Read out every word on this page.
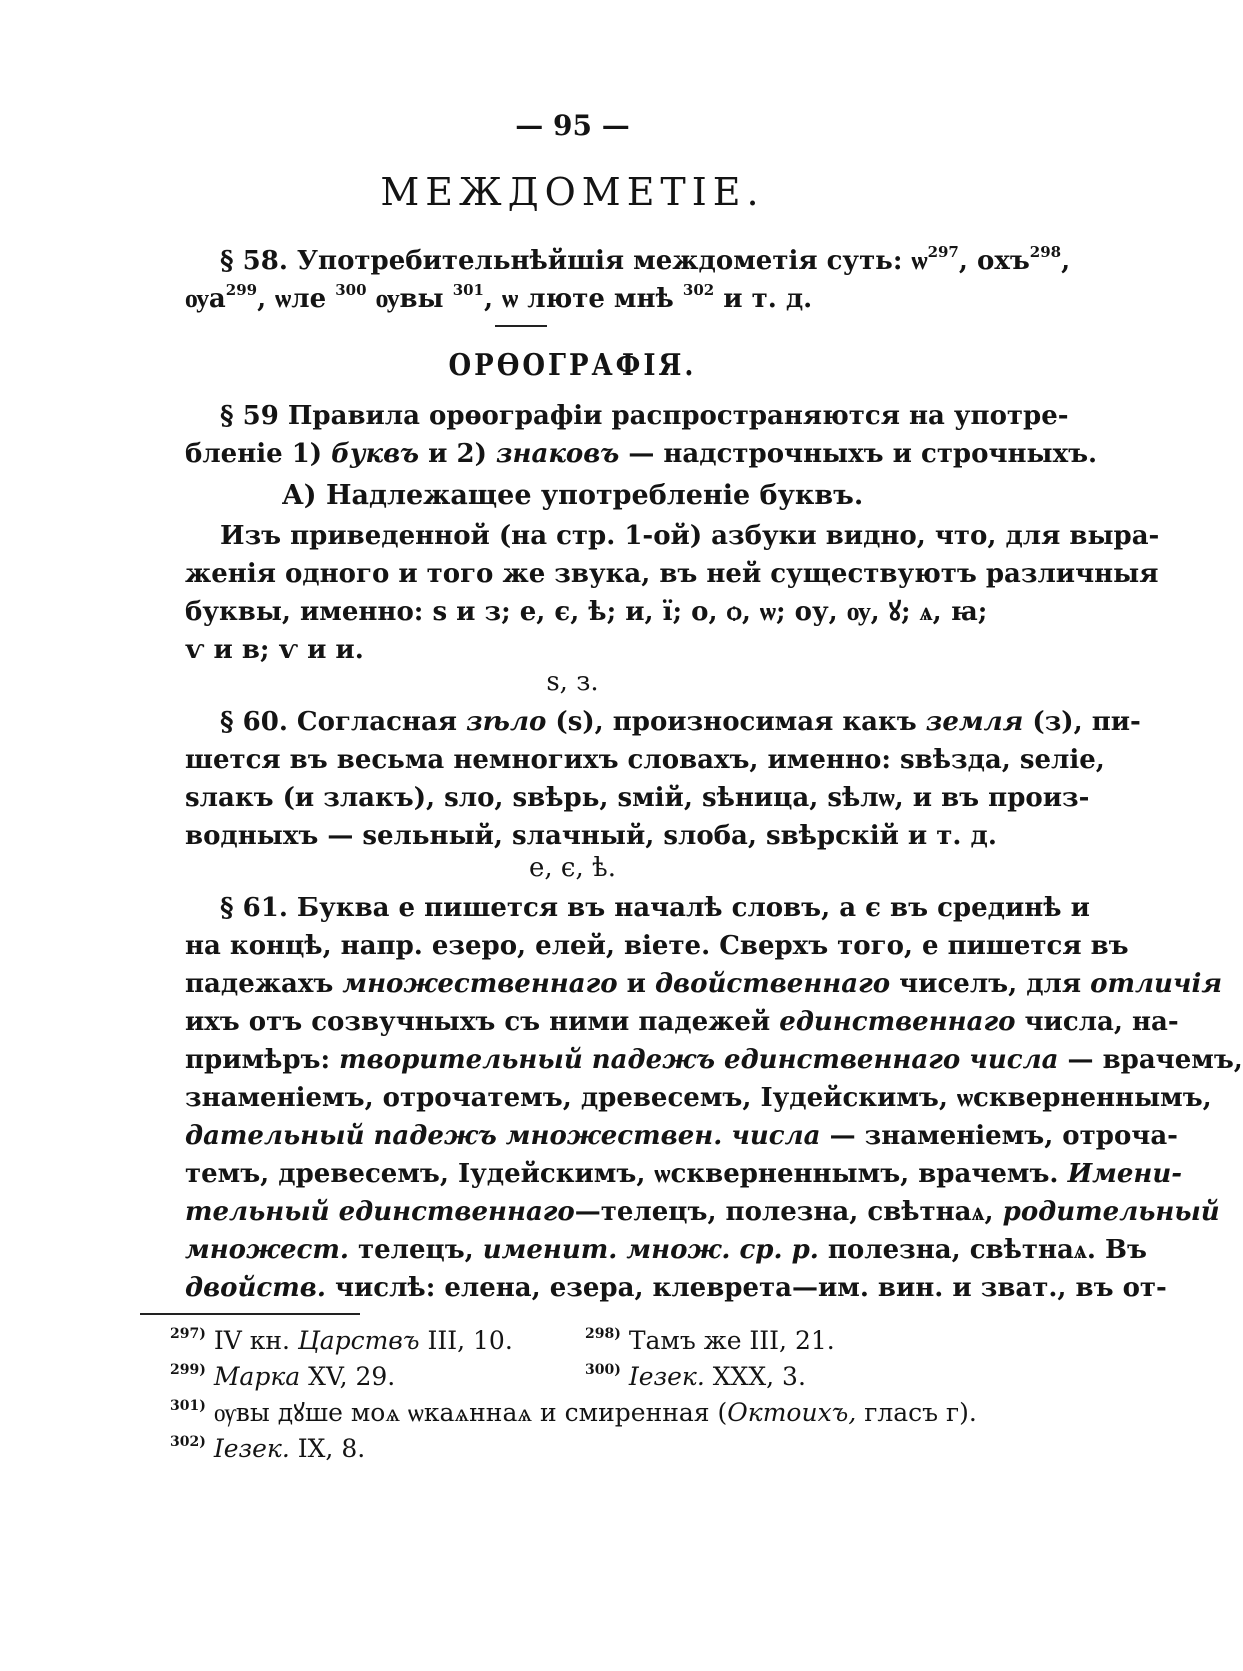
— 95 —
МЕЖДОМЕТІЕ.
§ 58. Употребительнѣйшія междометія суть: $ѡ^{297}$, охъ$^{298}$,
$ѹа^{299}$, ѡле $^{300}$ ѹвы $^{301}$, ѡ люте мнѣ $^{302}$ и т. д.
ОРѲОГРАФІЯ.
§ 59 Правила орѳографіи распространяются на употре-
бленіе 1) буквъ и 2) знаковъ — надстрочныхъ и строчныхъ.
А) Надлежащее употребленіе буквъ.
Изъ приведенной (на стр. 1-ой) азбуки видно, что, для выра-
женія одного и того же звука, въ ней существуютъ различныя
буквы, именно: ѕ и з; е, є, ѣ; и, ї; о, ѻ, ѡ; оу, ѹ, ꙋ; ѧ, ꙗ;
ѵ и в; ѵ и и.
ѕ, з.
§ 60. Согласная зѣло (ѕ), произносимая какъ земля (з), пи-
шется въ весьма немногихъ словахъ, именно: ѕвѣзда, ѕеліе,
ѕлакъ (и злакъ), ѕло, ѕвѣрь, ѕмій, ѕѣница, ѕѣлѡ, и въ произ-
водныхъ — ѕельный, ѕлачный, ѕлоба, ѕвѣрскій и т. д.
е, є, ѣ.
§ 61. Буква е пишется въ началѣ словъ, а є въ срединѣ и
на концѣ, напр. езеро, елей, віете. Сверхъ того, е пишется въ
падежахъ множественнаго и двойственнаго чиселъ, для отличія
ихъ отъ созвучныхъ съ ними падежей единственнаго числа, на-
примѣръ: творительный падежъ единственнаго числа — врачемъ,
знаменіемъ, отрочатемъ, древесемъ, Іудейскимъ, ѡскверненнымъ,
дательный падежъ множествен. числа — знаменіемъ, отроча-
темъ, древесемъ, Іудейскимъ, ѡскверненнымъ, врачемъ. Имени-
тельный единственнаго—телецъ, полезна, свѣтнаѧ, родительный
множест. телецъ, именит. множ. ср. р. полезна, свѣтнаѧ. Въ
двойств. числѣ: елена, езера, клеврета—им. вин. и зват., въ от-
$^{297)}$ IV кн. Царствъ III, 10.	$^{298)}$ Тамъ же III, 21.
$^{299)}$ Марка XV, 29.	$^{300)}$ Iезек. XXX, 3.
$^{301)}$ ѹвы дꙋше моѧ ѡкаѧннаѧ и смиренная (Октоихъ, гласъ г).
$^{302)}$ Iезек. IX, 8.
